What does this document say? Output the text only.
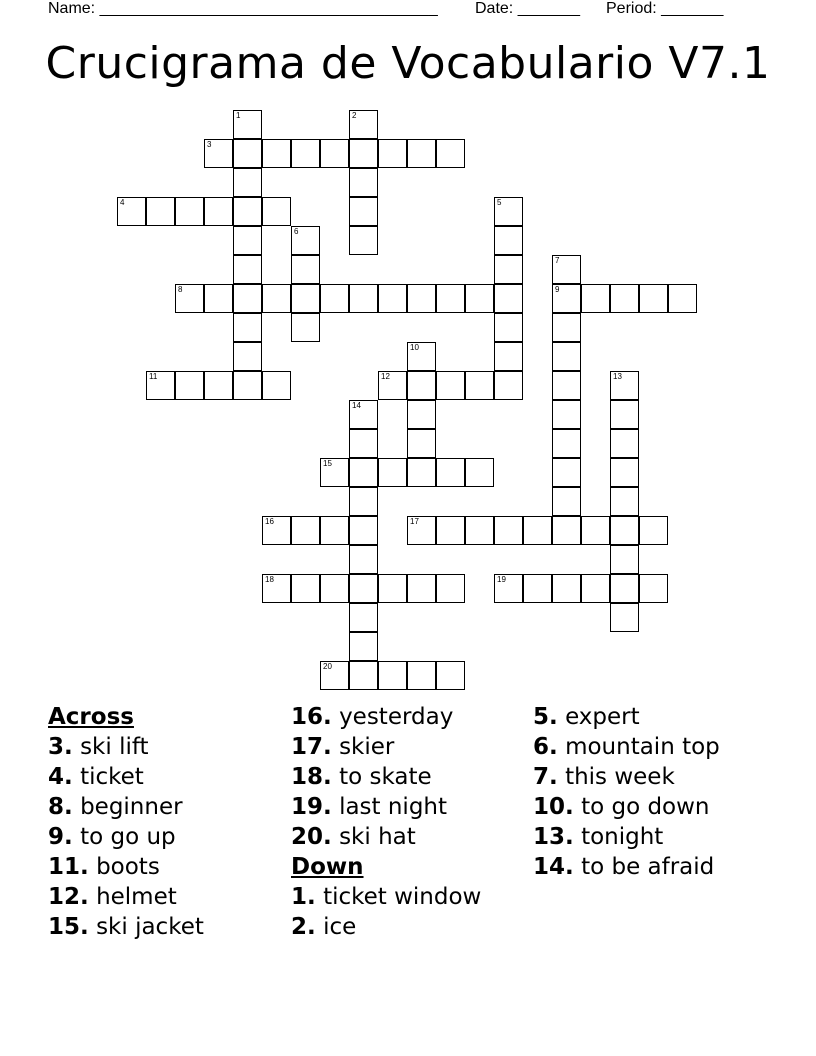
Name: ______________________________________ Date: _______ Period: _______
Crucigrama de Vocabulario V7.1
1	2
3
4	5
6
7
9
8
10
11	12	13
14
15
16	17
18	19
20
Across
3. ski lift
4. ticket
8. beginner
9. to go up
11. boots
12. helmet
15. ski jacket
16. yesterday
17. skier
18. to skate
19. last night
20. ski hat
Down
1. ticket window
2. ice
5. expert
6. mountain top
7. this week
10. to go down
13. tonight
14. to be afraid
